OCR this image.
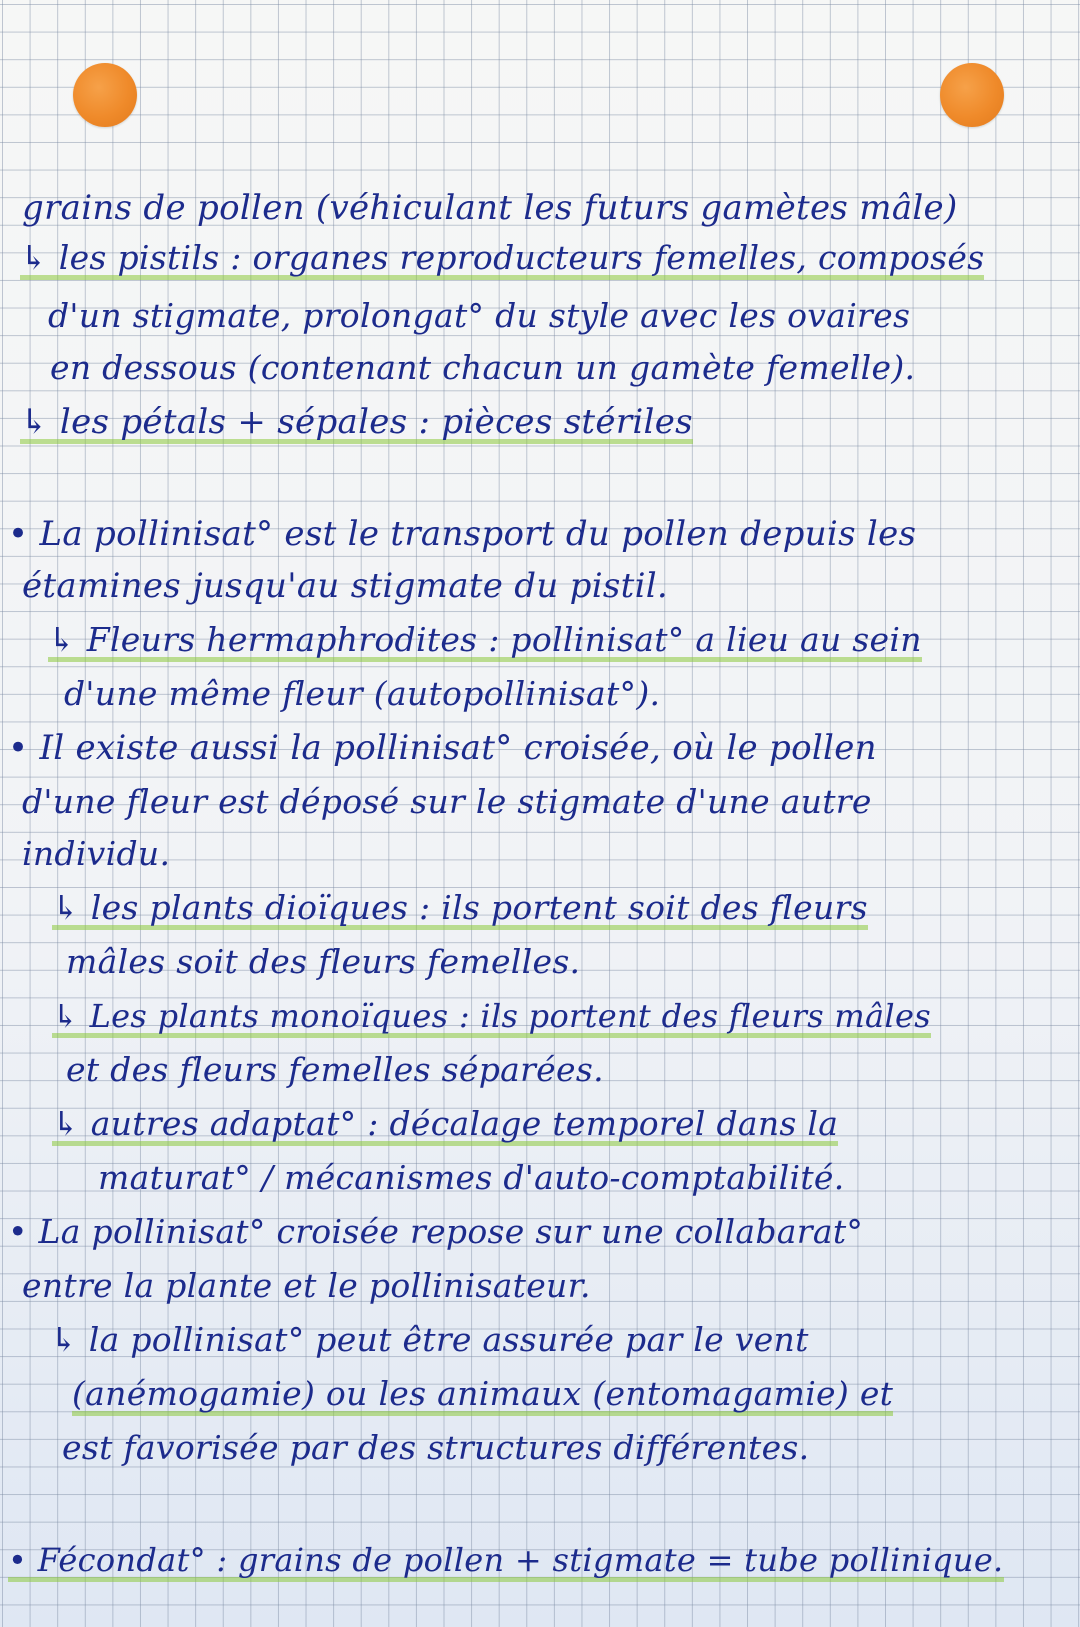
grains de pollen (véhiculant les futurs gamètes mâle)
↳ les pistils : organes reproducteurs femelles, composés
d'un stigmate, prolongat° du style avec les ovaires
en dessous (contenant chacun un gamète femelle).
↳ les pétals + sépales : pièces stériles
• La pollinisat° est le transport du pollen depuis les
étamines jusqu'au stigmate du pistil.
↳ Fleurs hermaphrodites : pollinisat° a lieu au sein
d'une même fleur (autopollinisat°).
• Il existe aussi la pollinisat° croisée, où le pollen
d'une fleur est déposé sur le stigmate d'une autre
individu.
↳ les plants dioïques : ils portent soit des fleurs
mâles soit des fleurs femelles.
↳ Les plants monoïques : ils portent des fleurs mâles
et des fleurs femelles séparées.
↳ autres adaptat° : décalage temporel dans la
maturat° / mécanismes d'auto-comptabilité.
• La pollinisat° croisée repose sur une collabarat°
entre la plante et le pollinisateur.
↳ la pollinisat° peut être assurée par le vent
(anémogamie) ou les animaux (entomagamie) et
est favorisée par des structures différentes.
• Fécondat° : grains de pollen + stigmate = tube pollinique.
